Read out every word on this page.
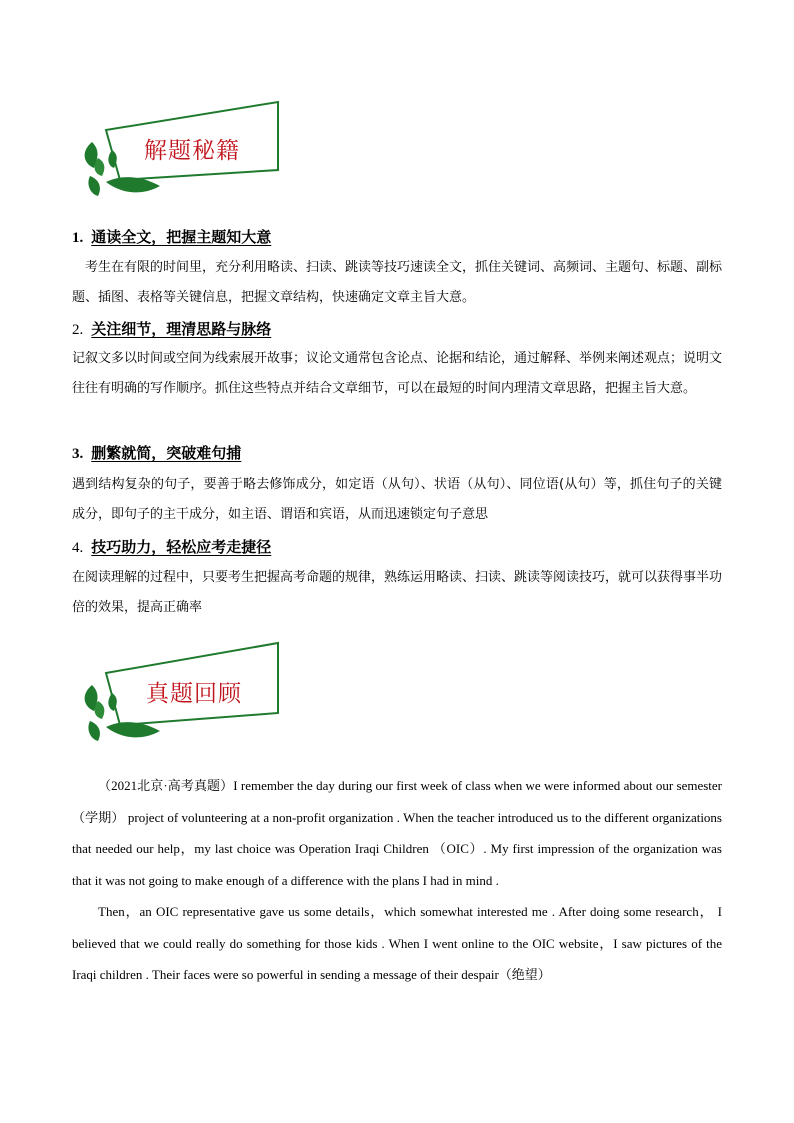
解题秘籍
1. 通读全文，把握主题知大意
考生在有限的时间里，充分利用略读、扫读、跳读等技巧速读全文，抓住关键词、高频词、主题句、标题、副标题、插图、表格等关键信息，把握文章结构，快速确定文章主旨大意。
2. 关注细节，理清思路与脉络
记叙文多以时间或空间为线索展开故事；议论文通常包含论点、论据和结论，通过解释、举例来阐述观点；说明文往往有明确的写作顺序。抓住这些特点并结合文章细节，可以在最短的时间内理清文章思路，把握主旨大意。
3. 删繁就简，突破难句捕
遇到结构复杂的句子，要善于略去修饰成分，如定语（从句）、状语（从句）、同位语(从句）等，抓住句子的关键成分，即句子的主干成分，如主语、谓语和宾语，从而迅速锁定句子意思
4. 技巧助力，轻松应考走捷径
在阅读理解的过程中，只要考生把握高考命题的规律，熟练运用略读、扫读、跳读等阅读技巧，就可以获得事半功倍的效果，提高正确率
真题回顾

（2021北京·高考真题）I remember the day during our first week of class when we were informed about our semester（学期） project of volunteering at a non-profit organization . When the teacher introduced us to the different organizations that needed our help，my last choice was Operation Iraqi Children （OIC）. My first impression of the organization was that it was not going to make enough of a difference with the plans I had in mind .

Then，an OIC representative gave us some details，which somewhat interested me . After doing some research， I believed that we could really do something for those kids . When I went online to the OIC website，I saw pictures of the Iraqi children . Their faces were so powerful in sending a message of their despair（绝望）
